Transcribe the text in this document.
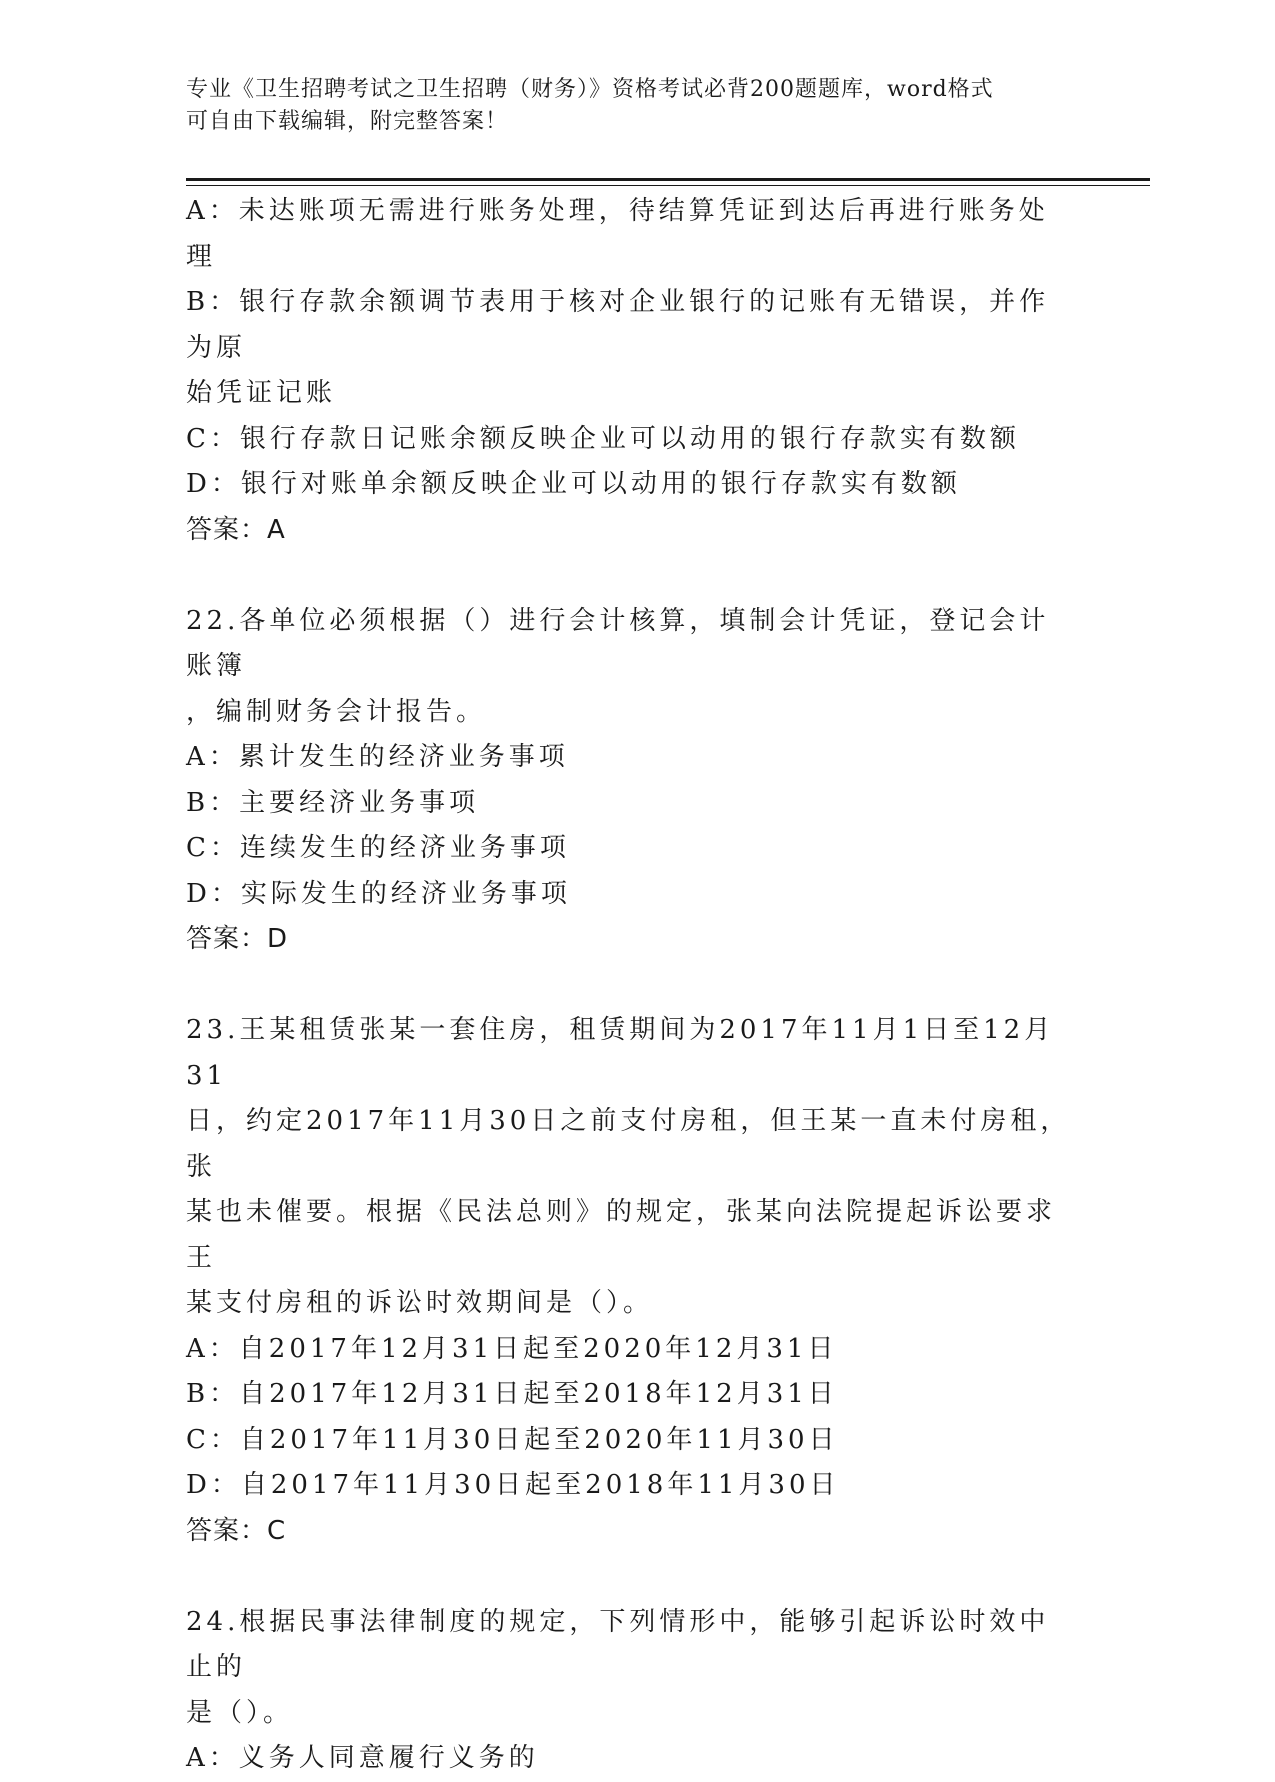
专业《卫生招聘考试之卫生招聘（财务）》资格考试必背200题题库，word格式
可自由下载编辑，附完整答案！
A：未达账项无需进行账务处理，待结算凭证到达后再进行账务处理
B：银行存款余额调节表用于核对企业银行的记账有无错误，并作为原
始凭证记账
C：银行存款日记账余额反映企业可以动用的银行存款实有数额
D：银行对账单余额反映企业可以动用的银行存款实有数额
答案：A
22.各单位必须根据（）进行会计核算，填制会计凭证，登记会计账簿
，编制财务会计报告。
A：累计发生的经济业务事项
B：主要经济业务事项
C：连续发生的经济业务事项
D：实际发生的经济业务事项
答案：D
23.王某租赁张某一套住房，租赁期间为2017年11月1日至12月31
日，约定2017年11月30日之前支付房租，但王某一直未付房租，张
某也未催要。根据《民法总则》的规定，张某向法院提起诉讼要求王
某支付房租的诉讼时效期间是（）。
A：自2017年12月31日起至2020年12月31日
B：自2017年12月31日起至2018年12月31日
C：自2017年11月30日起至2020年11月30日
D：自2017年11月30日起至2018年11月30日
答案：C
24.根据民事法律制度的规定，下列情形中，能够引起诉讼时效中止的
是（）。
A：义务人同意履行义务的
